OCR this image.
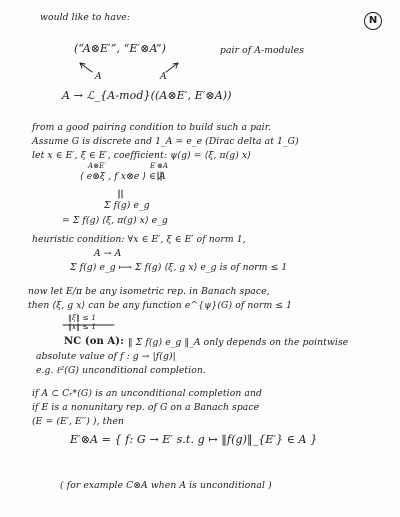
N
would like to have:
(“A⊗E′”, “E′⊗A”)	pair of A-modules
A	A
A → ℒ_{A-mod}((A⊗E′, E′⊗A))
from a good pairing condition to build such a pair.
Assume G is discrete and 1_A = e_e (Dirac delta at 1_G)
let x ∈ E′, ξ ∈ E′, coefficient: ψ(g) = ⟨ξ, π(g) x⟩
A⊗E′	E′⊗A
⟨ e⊗ξ , f x⊗e ⟩ ∈ A
Σ f(g) e_g
= Σ f(g) ⟨ξ, π(g) x⟩ e_g
heuristic condition: ∀x ∈ E′, ξ ∈ E′ of norm 1,
A → A
Σ f(g) e_g ⟼ Σ f(g) ⟨ξ, g x⟩ e_g is of norm ≤ 1
now let E/π be any isometric rep. in Banach space,
then ⟨ξ, g x⟩ can be any function e^{ψ}(G) of norm ≤ 1
‖ξ‖ ≤ 1
‖x‖ ≤ 1
NC (on A): ‖ Σ f(g) e_g ‖_A only depends on the pointwise
absolute value of f : g → |f(g)|
e.g. ℓ²(G) unconditional completion.
if A ⊂ Cᵣ*(G) is an unconditional completion and
if E is a nonunitary rep. of G on a Banach space
(E = (E′, E′′) ), then
E′⊗A = { f: G → E′ s.t. g ↦ ‖f(g)‖_{E′} ∈ A }
( for example C⊗A when A is unconditional )
